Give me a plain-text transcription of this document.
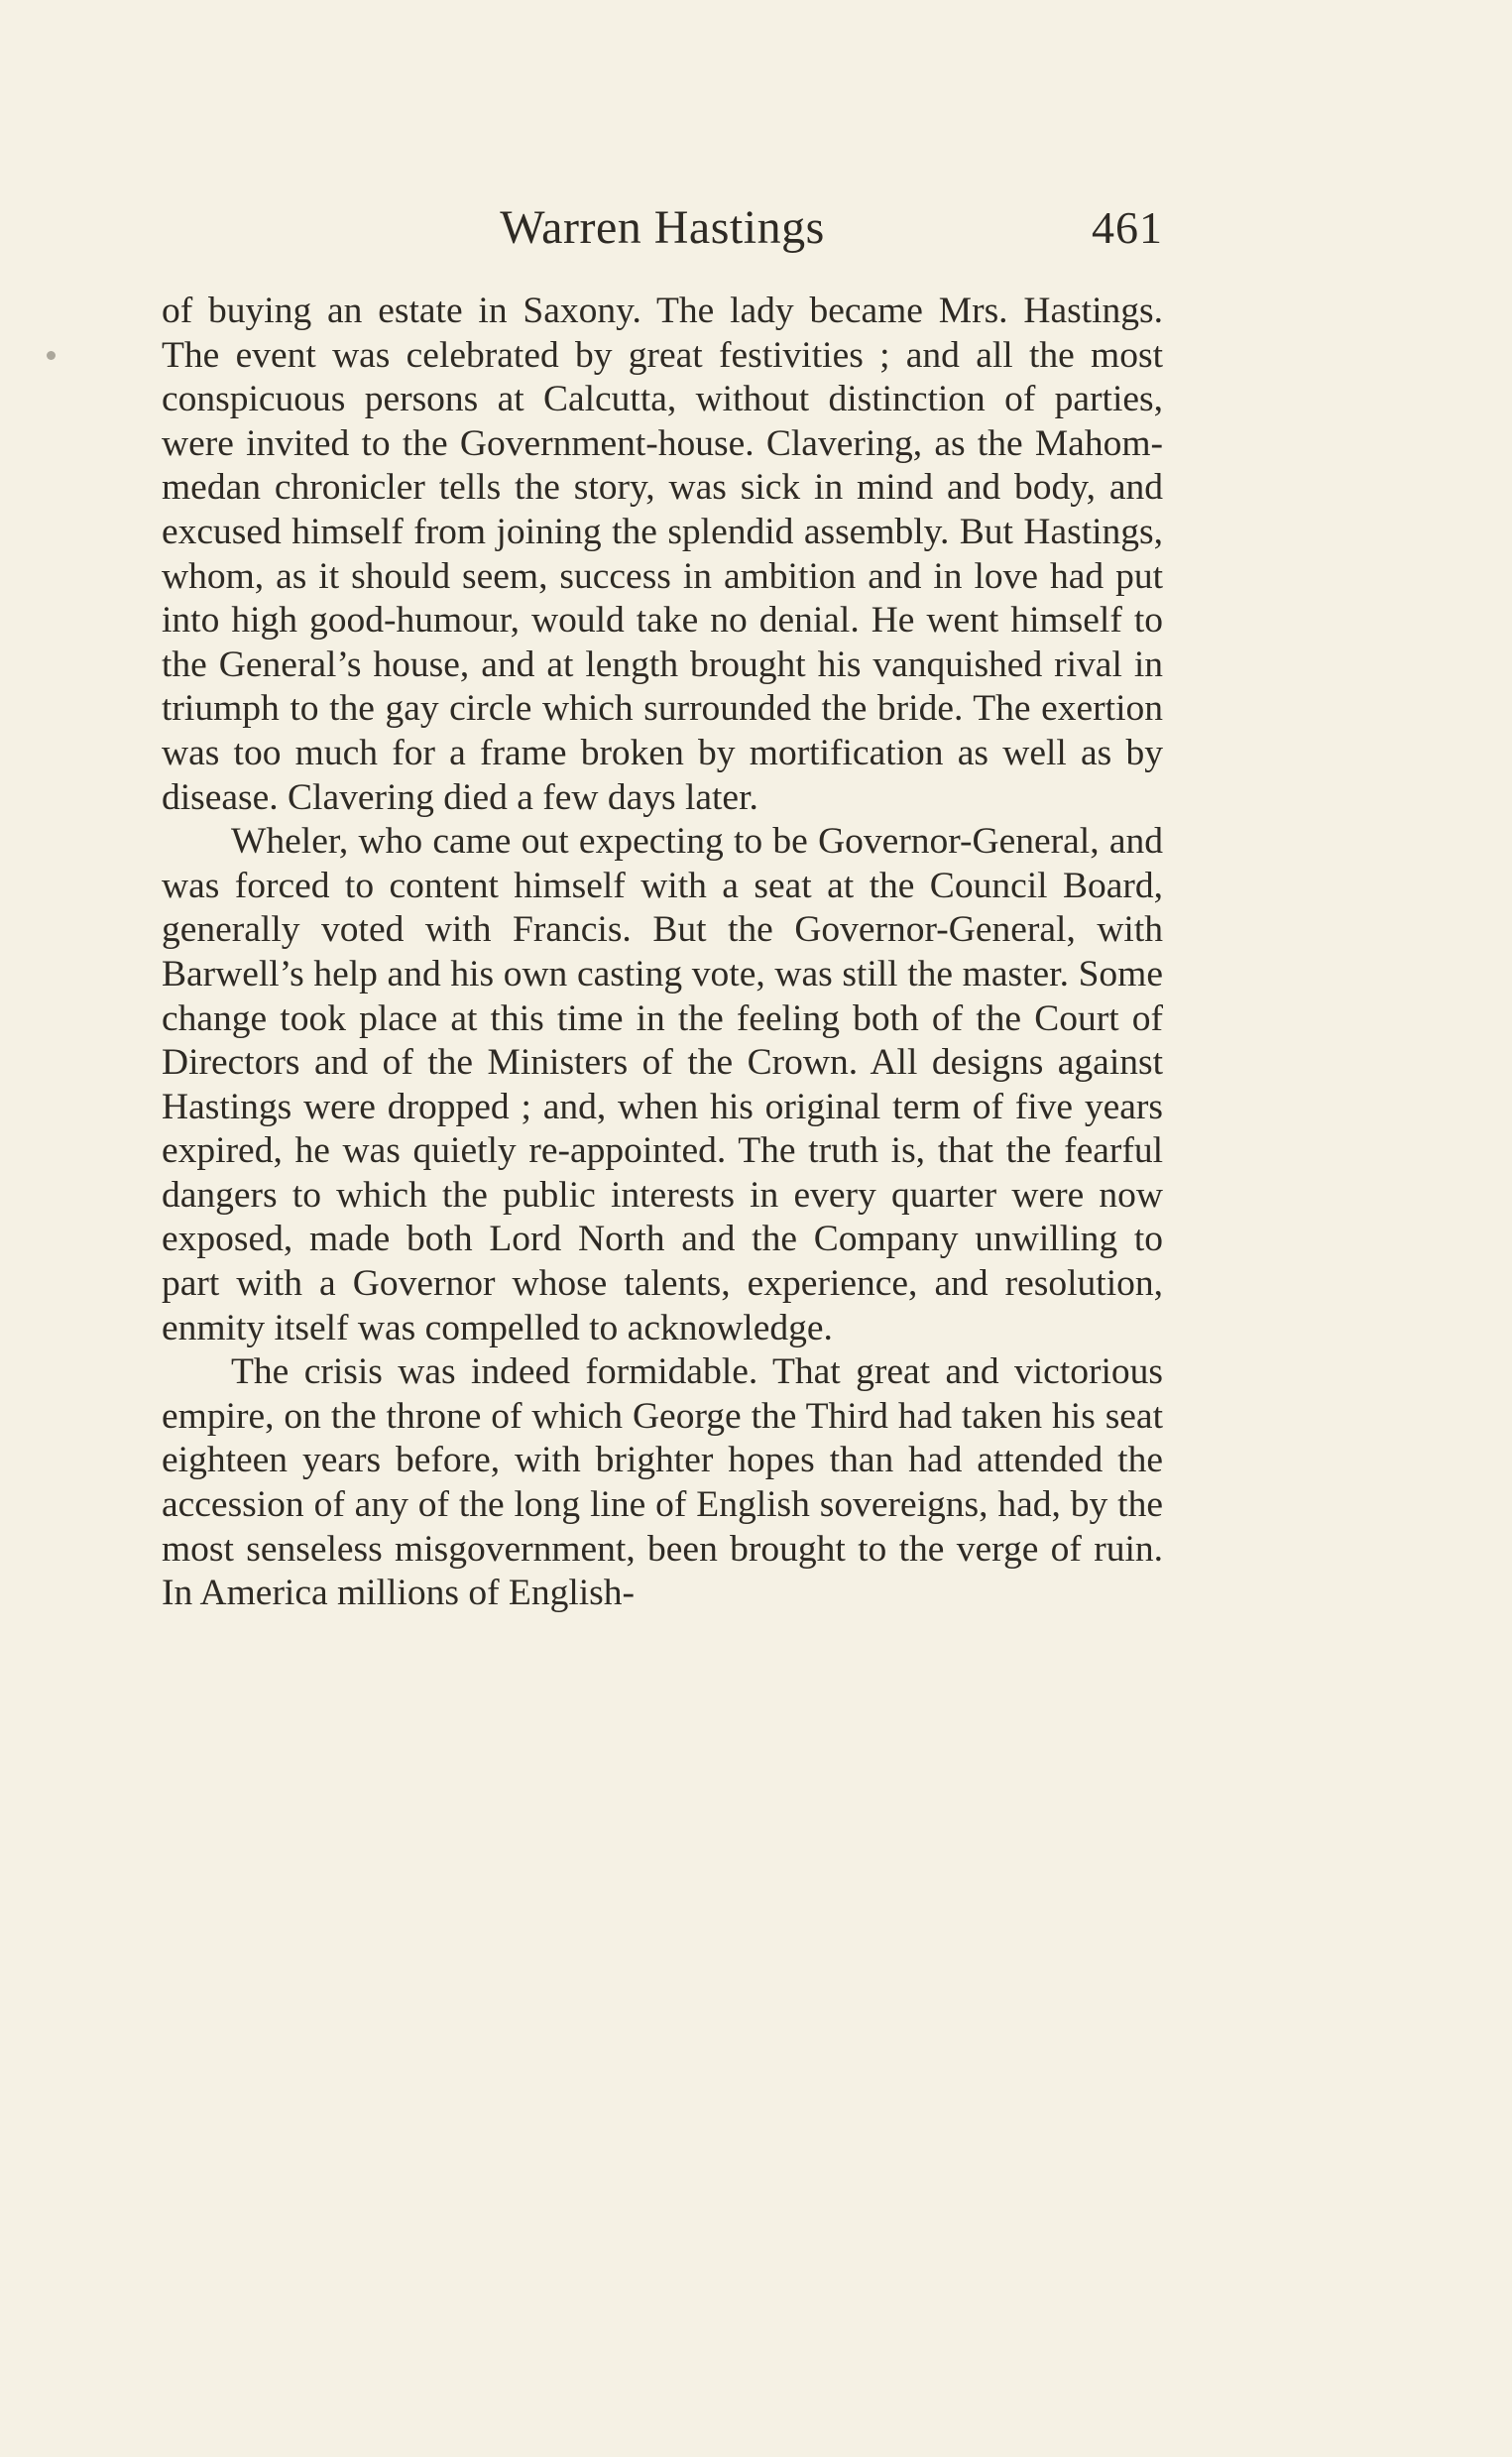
Warren Hastings	461

of buying an estate in Saxony. The lady became Mrs. Hastings. The event was celebrated by great festivities ; and all the most conspicuous persons at Calcutta, without distinction of parties, were invited to the Government-house. Clavering, as the Mahommedan chronicler tells the story, was sick in mind and body, and excused himself from joining the splendid assembly. But Hastings, whom, as it should seem, success in ambition and in love had put into high good-humour, would take no denial. He went himself to the General’s house, and at length brought his vanquished rival in triumph to the gay circle which surrounded the bride. The exertion was too much for a frame broken by mortification as well as by disease. Clavering died a few days later.

Wheler, who came out expecting to be Governor-General, and was forced to content himself with a seat at the Council Board, generally voted with Francis. But the Governor-General, with Barwell’s help and his own casting vote, was still the master. Some change took place at this time in the feeling both of the Court of Directors and of the Ministers of the Crown. All designs against Hastings were dropped ; and, when his original term of five years expired, he was quietly re-appointed. The truth is, that the fearful dangers to which the public interests in every quarter were now exposed, made both Lord North and the Company unwilling to part with a Governor whose talents, experience, and resolution, enmity itself was compelled to acknowledge.

The crisis was indeed formidable. That great and victorious empire, on the throne of which George the Third had taken his seat eighteen years before, with brighter hopes than had attended the accession of any of the long line of English sovereigns, had, by the most senseless misgovernment, been brought to the verge of ruin. In America millions of English-
